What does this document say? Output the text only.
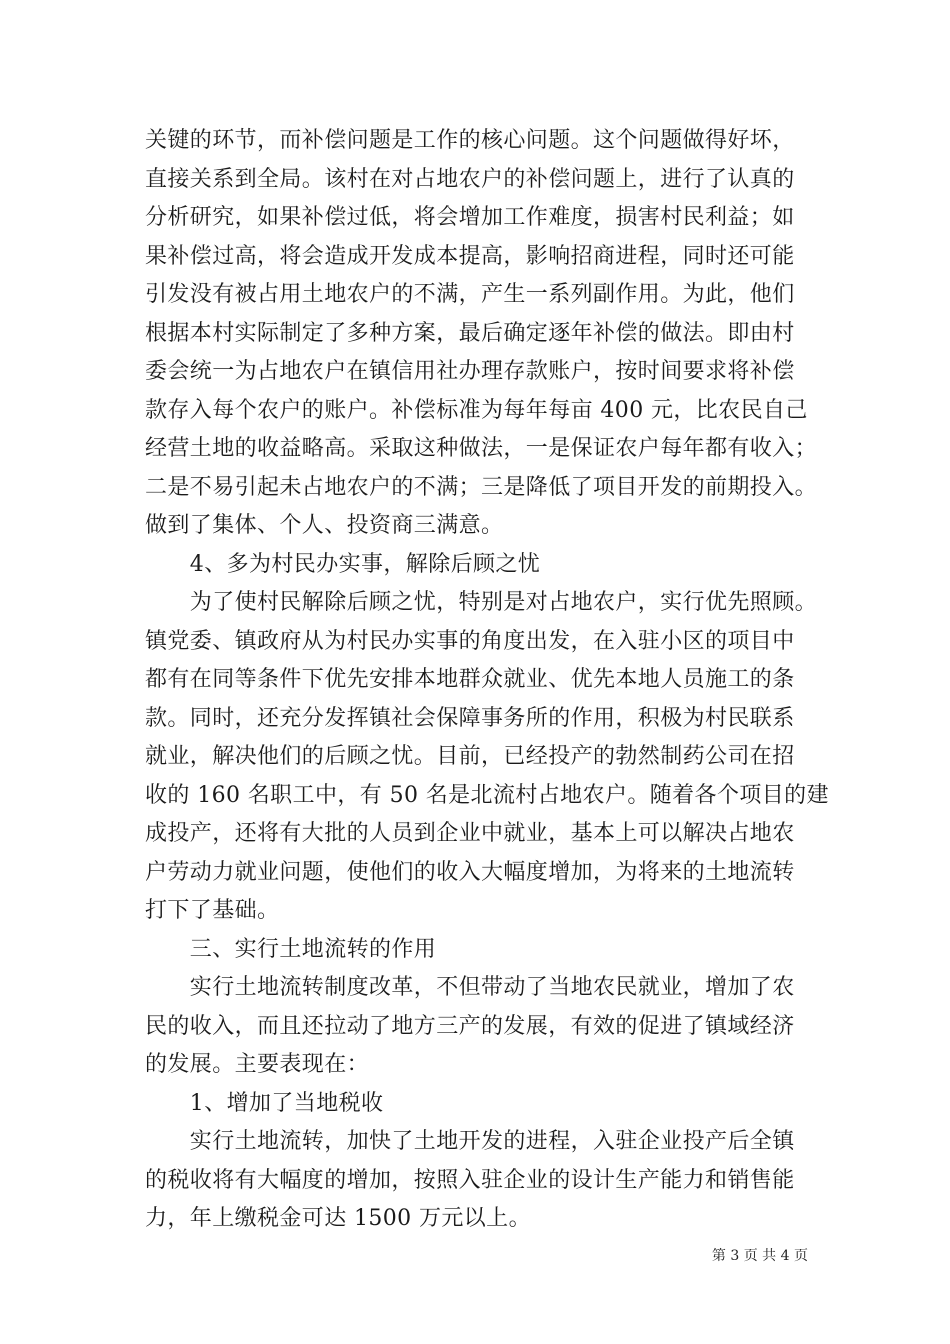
关键的环节，而补偿问题是工作的核心问题。这个问题做得好坏，
直接关系到全局。该村在对占地农户的补偿问题上，进行了认真的
分析研究，如果补偿过低，将会增加工作难度，损害村民利益；如
果补偿过高，将会造成开发成本提高，影响招商进程，同时还可能
引发没有被占用土地农户的不满，产生一系列副作用。为此，他们
根据本村实际制定了多种方案，最后确定逐年补偿的做法。即由村
委会统一为占地农户在镇信用社办理存款账户，按时间要求将补偿
款存入每个农户的账户。补偿标准为每年每亩 400 元，比农民自己
经营土地的收益略高。采取这种做法，一是保证农户每年都有收入；
二是不易引起未占地农户的不满；三是降低了项目开发的前期投入。
做到了集体、个人、投资商三满意。
　　4、多为村民办实事，解除后顾之忧
　　为了使村民解除后顾之忧，特别是对占地农户，实行优先照顾。
镇党委、镇政府从为村民办实事的角度出发，在入驻小区的项目中
都有在同等条件下优先安排本地群众就业、优先本地人员施工的条
款。同时，还充分发挥镇社会保障事务所的作用，积极为村民联系
就业，解决他们的后顾之忧。目前，已经投产的勃然制药公司在招
收的 160 名职工中，有 50 名是北流村占地农户。随着各个项目的建
成投产，还将有大批的人员到企业中就业，基本上可以解决占地农
户劳动力就业问题，使他们的收入大幅度增加，为将来的土地流转
打下了基础。
　　三、实行土地流转的作用
　　实行土地流转制度改革，不但带动了当地农民就业，增加了农
民的收入，而且还拉动了地方三产的发展，有效的促进了镇域经济
的发展。主要表现在：
　　1、增加了当地税收
　　实行土地流转，加快了土地开发的进程，入驻企业投产后全镇
的税收将有大幅度的增加，按照入驻企业的设计生产能力和销售能
力，年上缴税金可达 1500 万元以上。
第 3 页 共 4 页
